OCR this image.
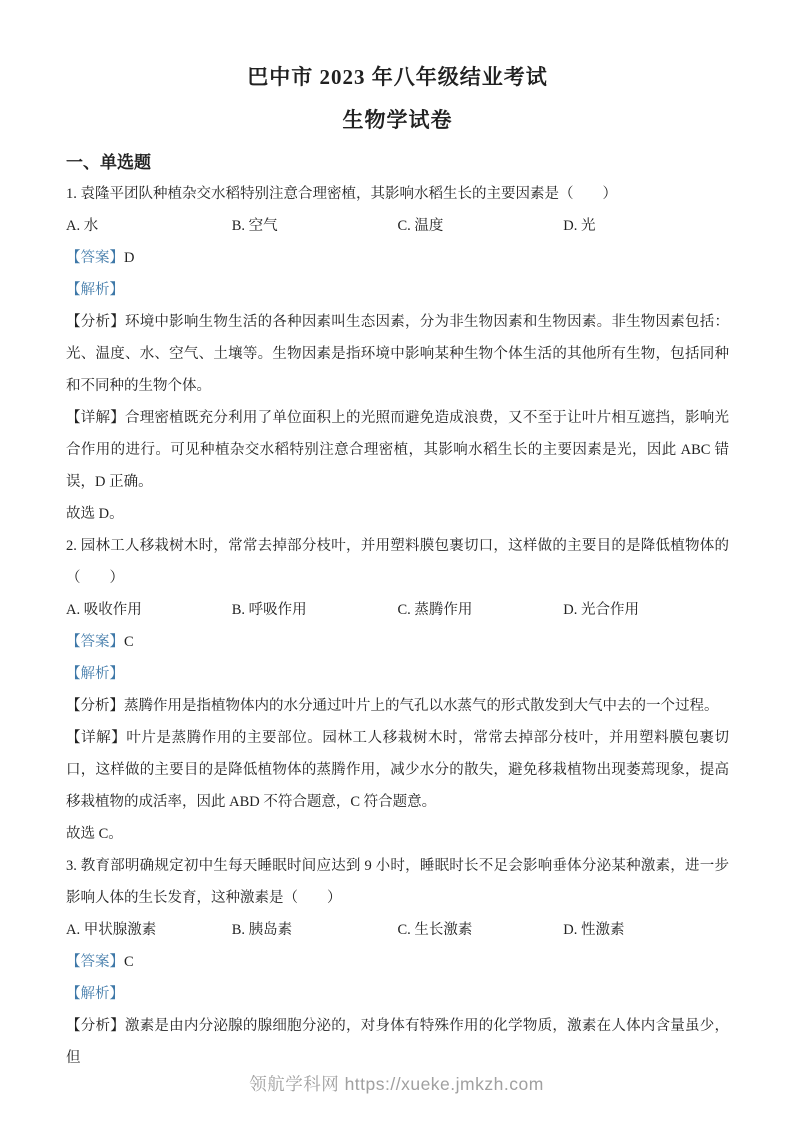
巴中市 2023 年八年级结业考试
生物学试卷
一、单选题

1. 袁隆平团队种植杂交水稻特别注意合理密植，其影响水稻生长的主要因素是（　　）

A. 水	B. 空气	C. 温度	D. 光

【答案】D

【解析】

【分析】环境中影响生物生活的各种因素叫生态因素，分为非生物因素和生物因素。非生物因素包括：光、温度、水、空气、土壤等。生物因素是指环境中影响某种生物个体生活的其他所有生物，包括同种和不同种的生物个体。

【详解】合理密植既充分利用了单位面积上的光照而避免造成浪费，又不至于让叶片相互遮挡，影响光合作用的进行。可见种植杂交水稻特别注意合理密植，其影响水稻生长的主要因素是光，因此 ABC 错误，D 正确。

故选 D。

2. 园林工人移栽树木时，常常去掉部分枝叶，并用塑料膜包裹切口，这样做的主要目的是降低植物体的（　　）

A. 吸收作用	B. 呼吸作用	C. 蒸腾作用	D. 光合作用

【答案】C

【解析】

【分析】蒸腾作用是指植物体内的水分通过叶片上的气孔以水蒸气的形式散发到大气中去的一个过程。

【详解】叶片是蒸腾作用的主要部位。园林工人移栽树木时，常常去掉部分枝叶，并用塑料膜包裹切口，这样做的主要目的是降低植物体的蒸腾作用，减少水分的散失，避免移栽植物出现萎蔫现象，提高移栽植物的成活率，因此 ABD 不符合题意，C 符合题意。

故选 C。

3. 教育部明确规定初中生每天睡眠时间应达到 9 小时，睡眠时长不足会影响垂体分泌某种激素，进一步影响人体的生长发育，这种激素是（　　）

A. 甲状腺激素	B. 胰岛素	C. 生长激素	D. 性激素

【答案】C

【解析】

【分析】激素是由内分泌腺的腺细胞分泌的，对身体有特殊作用的化学物质，激素在人体内含量虽少，但

领航学科网 https://xueke.jmkzh.com
